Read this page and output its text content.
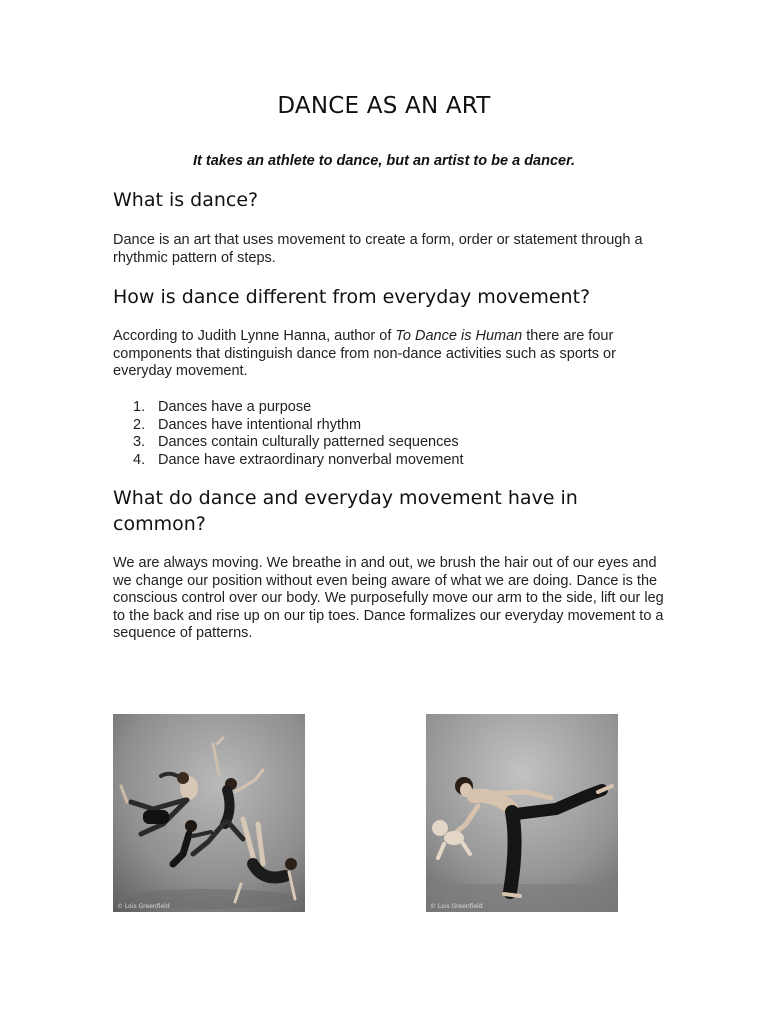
DANCE AS AN ART
It takes an athlete to dance, but an artist to be a dancer.
What is dance?
Dance is an art that uses movement to create a form, order or statement through a rhythmic pattern of steps.
How is dance different from everyday movement?
According to Judith Lynne Hanna, author of To Dance is Human there are four components that distinguish dance from non-dance activities such as sports or everyday movement.
1. Dances have a purpose
2. Dances have intentional rhythm
3. Dances contain culturally patterned sequences
4. Dance have extraordinary nonverbal movement
What do dance and everyday movement have in common?
We are always moving. We breathe in and out, we brush the hair out of our eyes and we change our position without even being aware of what we are doing. Dance is the conscious control over our body. We purposefully move our arm to the side, lift our leg to the back and rise up on our tip toes. Dance formalizes our everyday movement to a sequence of patterns.
© Lois Greenfield	© Lois Greenfield
